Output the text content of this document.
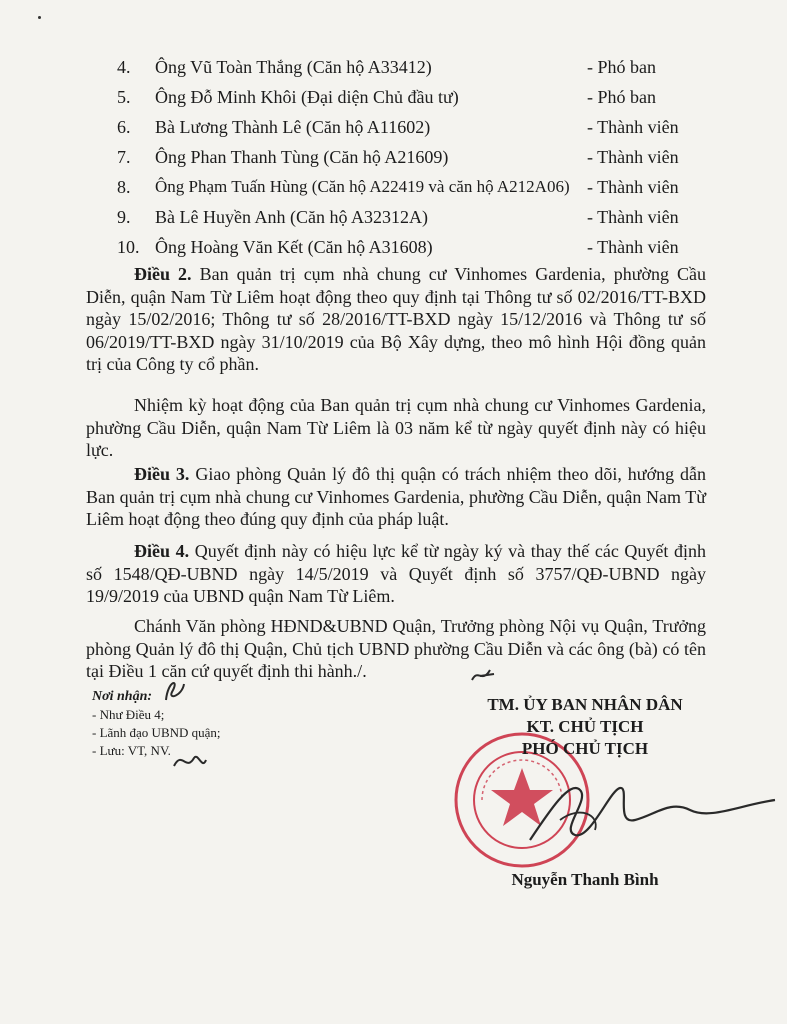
4. Ông Vũ Toàn Thắng (Căn hộ A33412)	- Phó ban
5. Ông Đỗ Minh Khôi (Đại diện Chủ đầu tư)	- Phó ban
6. Bà Lương Thành Lê (Căn hộ A11602)	- Thành viên
7. Ông Phan Thanh Tùng (Căn hộ A21609)	- Thành viên
8. Ông Phạm Tuấn Hùng (Căn hộ A22419 và căn hộ A212A06) - Thành viên
9. Bà Lê Huyền Anh (Căn hộ A32312A)	- Thành viên
10. Ông Hoàng Văn Kết (Căn hộ A31608)	- Thành viên
Điều 2. Ban quản trị cụm nhà chung cư Vinhomes Gardenia, phường Cầu Diễn, quận Nam Từ Liêm hoạt động theo quy định tại Thông tư số 02/2016/TT-BXD ngày 15/02/2016; Thông tư số 28/2016/TT-BXD ngày 15/12/2016 và Thông tư số 06/2019/TT-BXD ngày 31/10/2019 của Bộ Xây dựng, theo mô hình Hội đồng quản trị của Công ty cổ phần.
Nhiệm kỳ hoạt động của Ban quản trị cụm nhà chung cư Vinhomes Gardenia, phường Cầu Diễn, quận Nam Từ Liêm là 03 năm kể từ ngày quyết định này có hiệu lực.
Điều 3. Giao phòng Quản lý đô thị quận có trách nhiệm theo dõi, hướng dẫn Ban quản trị cụm nhà chung cư Vinhomes Gardenia, phường Cầu Diễn, quận Nam Từ Liêm hoạt động theo đúng quy định của pháp luật.
Điều 4. Quyết định này có hiệu lực kể từ ngày ký và thay thế các Quyết định số 1548/QĐ-UBND ngày 14/5/2019 và Quyết định số 3757/QĐ-UBND ngày 19/9/2019 của UBND quận Nam Từ Liêm.
Chánh Văn phòng HĐND&UBND Quận, Trưởng phòng Nội vụ Quận, Trưởng phòng Quản lý đô thị Quận, Chủ tịch UBND phường Cầu Diễn và các ông (bà) có tên tại Điều 1 căn cứ quyết định thi hành./.
Nơi nhận:
- Như Điều 4;
- Lãnh đạo UBND quận;
- Lưu: VT, NV.
TM. ỦY BAN NHÂN DÂN
KT. CHỦ TỊCH
PHÓ CHỦ TỊCH
Nguyễn Thanh Bình
